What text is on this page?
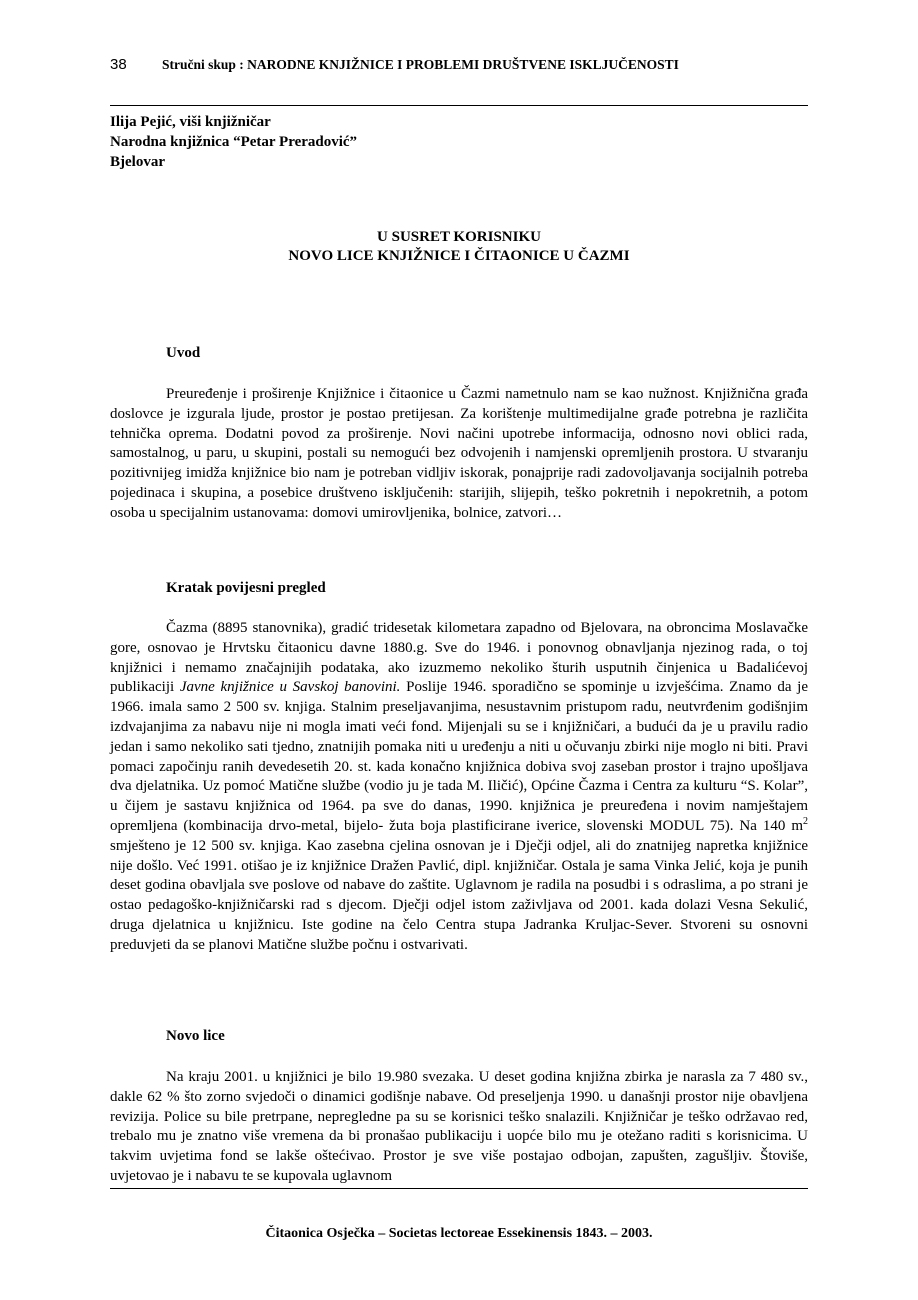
38	Stručni skup : NARODNE KNJIŽNICE I PROBLEMI DRUŠTVENE ISKLJUČENOSTI
Ilija Pejić, viši knjižničar
Narodna knjižnica “Petar Preradović”
Bjelovar
U SUSRET KORISNIKU
NOVO LICE KNJIŽNICE I ČITAONICE U ČAZMI
Uvod

Preuređenje i proširenje Knjižnice i čitaonice u Čazmi nametnulo nam se kao nužnost. Knjižnična građa doslovce je izgurala ljude, prostor je postao pretijesan. Za korištenje multimedijalne građe potrebna je različita tehnička oprema. Dodatni povod za proširenje. Novi načini upotrebe informacija, odnosno novi oblici rada, samostalnog, u paru, u skupini, postali su nemogući bez odvojenih i namjenski opremljenih prostora. U stvaranju pozitivnijeg imidža knjižnice bio nam je potreban vidljiv iskorak, ponajprije radi zadovoljavanja socijalnih potreba pojedinaca i skupina, a posebice društveno isključenih: starijih, slijepih, teško pokretnih i nepokretnih, a potom osoba u specijalnim ustanovama: domovi umirovljenika, bolnice, zatvori…

Kratak povijesni pregled

Čazma (8895 stanovnika), gradić tridesetak kilometara zapadno od Bjelovara, na obroncima Moslavačke gore, osnovao je Hrvtsku čitaonicu davne 1880.g. Sve do 1946. i ponovnog obnavljanja njezinog rada, o toj knjižnici i nemamo značajnijih podataka, ako izuzmemo nekoliko šturih usputnih činjenica u Badalićevoj publikaciji Javne knjižnice u Savskoj banovini. Poslije 1946. sporadično se spominje u izvješćima. Znamo da je 1966. imala samo 2 500 sv. knjiga. Stalnim preseljavanjima, nesustavnim pristupom radu, neutvrđenim godišnjim izdvajanjima za nabavu nije ni mogla imati veći fond. Mijenjali su se i knjižničari, a budući da je u pravilu radio jedan i samo nekoliko sati tjedno, znatnijih pomaka niti u uređenju a niti u očuvanju zbirki nije moglo ni biti. Pravi pomaci započinju ranih devedesetih 20. st. kada konačno knjižnica dobiva svoj zaseban prostor i trajno upošljava dva djelatnika. Uz pomoć Matične službe (vodio ju je tada M. Iličić), Općine Čazma i Centra za kulturu “S. Kolar”, u čijem je sastavu knjižnica od 1964. pa sve do danas, 1990. knjižnica je preuređena i novim namještajem opremljena (kombinacija drvo-metal, bijelo- žuta boja plastificirane iverice, slovenski MODUL 75). Na 140 $m^2$ smješteno je 12 500 sv. knjiga. Kao zasebna cjelina osnovan je i Dječji odjel, ali do znatnijeg napretka knjižnice nije došlo. Već 1991. otišao je iz knjižnice Dražen Pavlić, dipl. knjižničar. Ostala je sama Vinka Jelić, koja je punih deset godina obavljala sve poslove od nabave do zaštite. Uglavnom je radila na posudbi i s odraslima, a po strani je ostao pedagoško-knjižničarski rad s djecom. Dječji odjel istom zaživljava od 2001. kada dolazi Vesna Sekulić, druga djelatnica u knjižnicu. Iste godine na čelo Centra stupa Jadranka Kruljac-Sever. Stvoreni su osnovni preduvjeti da se planovi Matične službe počnu i ostvarivati.

Novo lice

Na kraju 2001. u knjižnici je bilo 19.980 svezaka. U deset godina knjižna zbirka je narasla za 7 480 sv., dakle 62 % što zorno svjedoči o dinamici godišnje nabave. Od preseljenja 1990. u današnji prostor nije obavljena revizija. Police su bile pretrpane, nepregledne pa su se korisnici teško snalazili. Knjižničar je teško održavao red, trebalo mu je znatno više vremena da bi pronašao publikaciju i uopće bilo mu je otežano raditi s korisnicima. U takvim uvjetima fond se lakše oštećivao. Prostor je sve više postajao odbojan, zapušten, zagušljiv. Štoviše, uvjetovao je i nabavu te se kupovala uglavnom

Čitaonica Osječka – Societas lectoreae Essekinensis 1843. – 2003.
